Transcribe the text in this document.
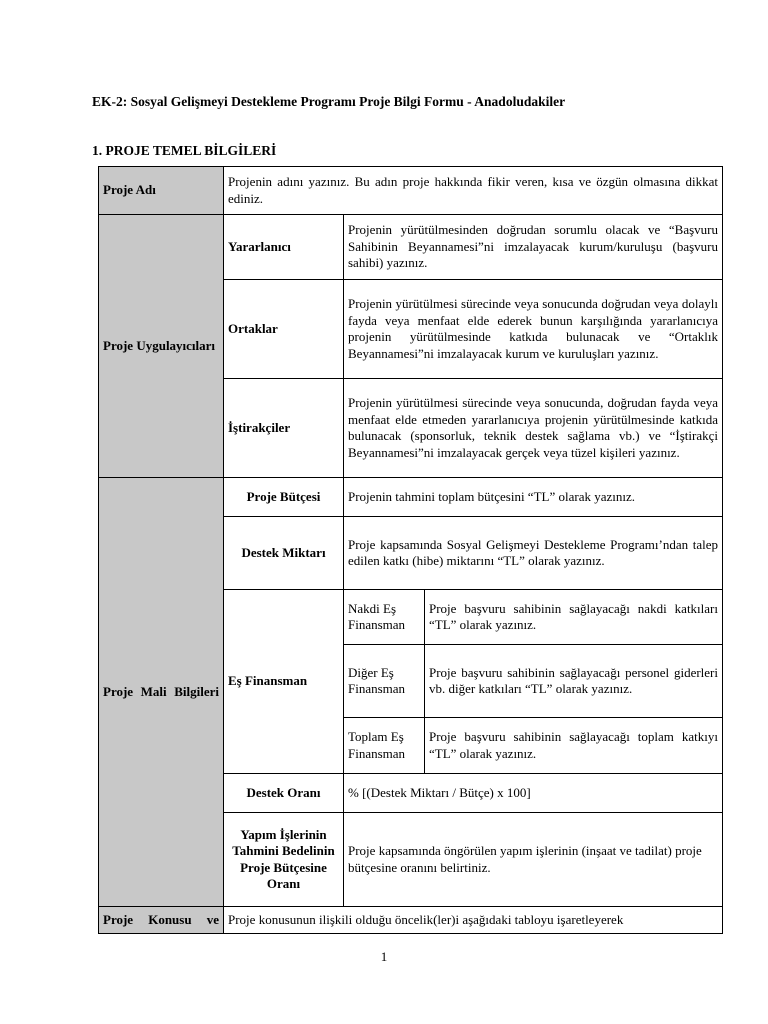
EK-2: Sosyal Gelişmeyi Destekleme Programı Proje Bilgi Formu - Anadoludakiler
1. PROJE TEMEL BİLGİLERİ
Proje Adı	Projenin adını yazınız. Bu adın proje hakkında fikir veren, kısa ve özgün olmasına dikkat ediniz.		
Proje Uygulayıcıları	Yararlanıcı	Projenin yürütülmesinden doğrudan sorumlu olacak ve “Başvuru Sahibinin Beyannamesi”ni imzalayacak kurum/kuruluşu (başvuru sahibi) yazınız.	
	Ortaklar	Projenin yürütülmesi sürecinde veya sonucunda doğrudan veya dolaylı fayda veya menfaat elde ederek bunun karşılığında yararlanıcıya projenin yürütülmesinde katkıda bulunacak ve “Ortaklık Beyannamesi”ni imzalayacak kurum ve kuruluşları yazınız.	
	İştirakçiler	Projenin yürütülmesi sürecinde veya sonucunda, doğrudan fayda veya menfaat elde etmeden yararlanıcıya projenin yürütülmesinde katkıda bulunacak (sponsorluk, teknik destek sağlama vb.) ve “İştirakçi Beyannamesi”ni imzalayacak gerçek veya tüzel kişileri yazınız.	
Proje Mali Bilgileri	Proje Bütçesi	Projenin tahmini toplam bütçesini “TL” olarak yazınız.	
	Destek Miktarı	Proje kapsamında Sosyal Gelişmeyi Destekleme Programı’ndan talep edilen katkı (hibe) miktarını “TL” olarak yazınız.	
	Eş Finansman	Nakdi Eş Finansman	Proje başvuru sahibinin sağlayacağı nakdi katkıları “TL” olarak yazınız.
		Diğer Eş Finansman	Proje başvuru sahibinin sağlayacağı personel giderleri vb. diğer katkıları “TL” olarak yazınız.
		Toplam Eş Finansman	Proje başvuru sahibinin sağlayacağı toplam katkıyı “TL” olarak yazınız.
	Destek Oranı	% [(Destek Miktarı / Bütçe) x 100]	
	Yapım İşlerinin Tahmini Bedelinin Proje Bütçesine Oranı	Proje kapsamında öngörülen yapım işlerinin (inşaat ve tadilat) proje bütçesine oranını belirtiniz.	
Proje Konusu ve	Proje konusunun ilişkili olduğu öncelik(ler)i aşağıdaki tabloyu işaretleyerek		
1
